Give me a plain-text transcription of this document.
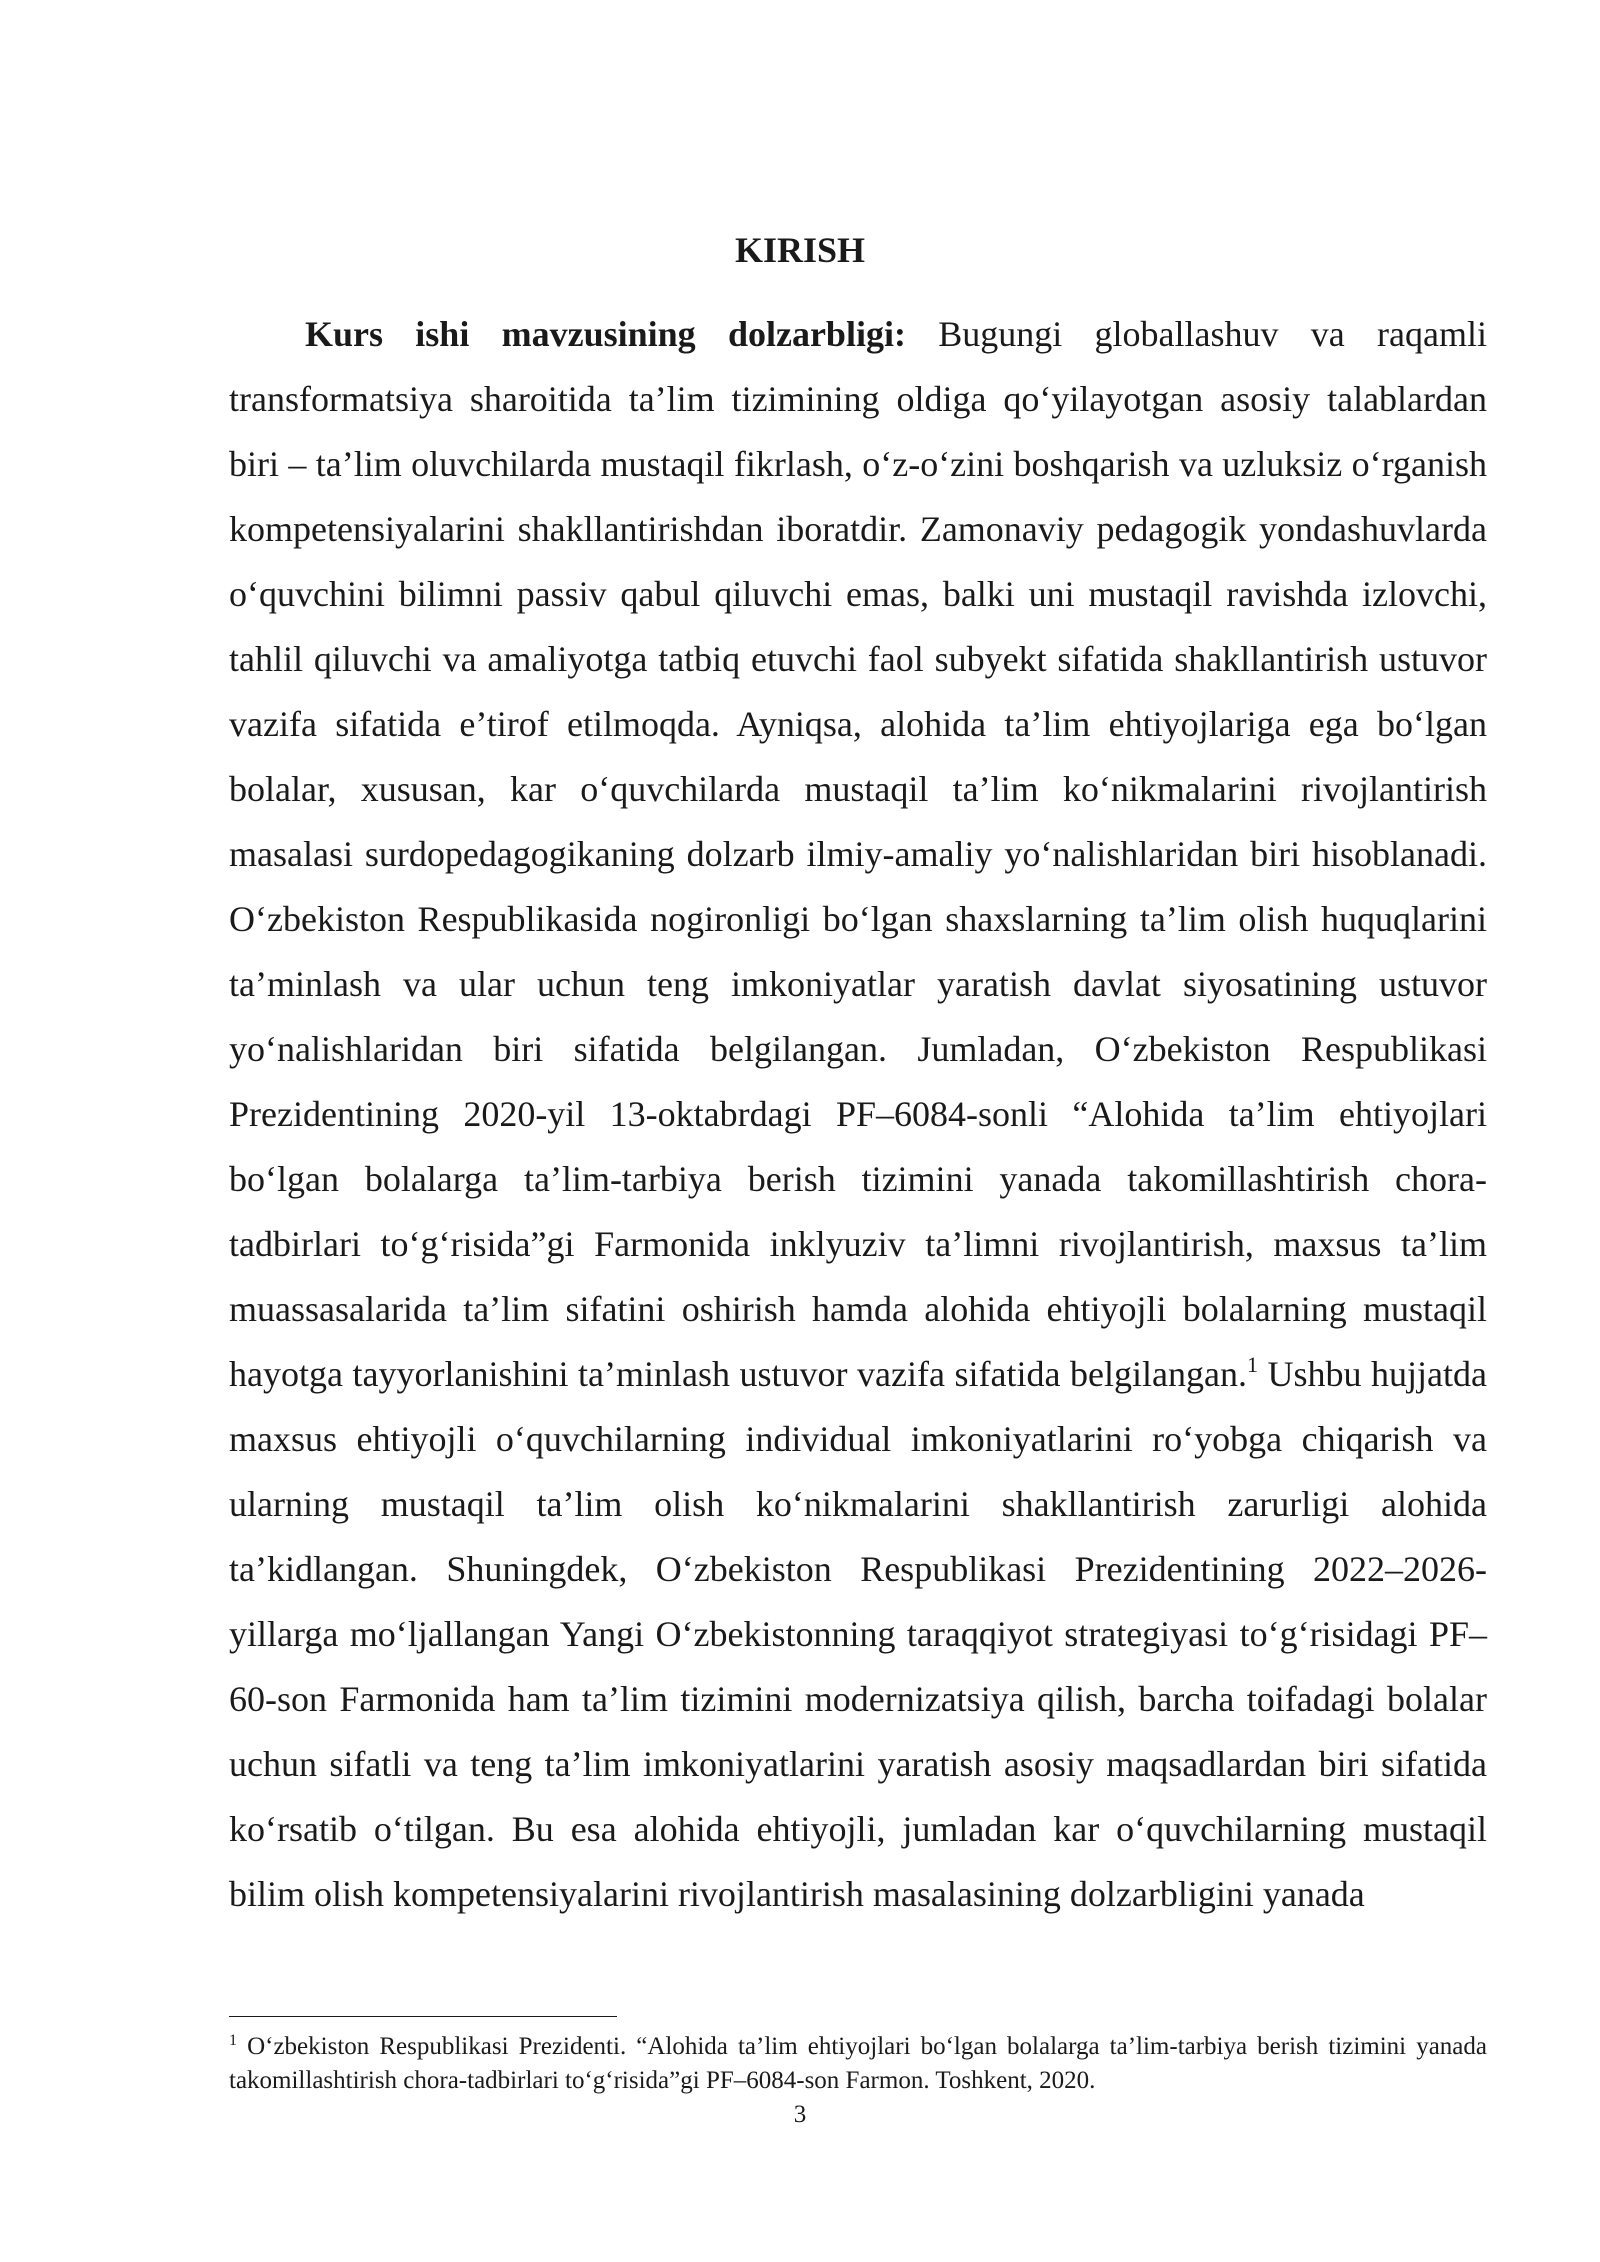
KIRISH

Kurs ishi mavzusining dolzarbligi: Bugungi globallashuv va raqamli transformatsiya sharoitida ta’lim tizimining oldiga qo‘yilayotgan asosiy talablardan biri – ta’lim oluvchilarda mustaqil fikrlash, o‘z-o‘zini boshqarish va uzluksiz o‘rganish kompetensiyalarini shakllantirishdan iboratdir. Zamonaviy pedagogik yondashuvlarda o‘quvchini bilimni passiv qabul qiluvchi emas, balki uni mustaqil ravishda izlovchi, tahlil qiluvchi va amaliyotga tatbiq etuvchi faol subyekt sifatida shakllantirish ustuvor vazifa sifatida e’tirof etilmoqda. Ayniqsa, alohida ta’lim ehtiyojlariga ega bo‘lgan bolalar, xususan, kar o‘quvchilarda mustaqil ta’lim ko‘nikmalarini rivojlantirish masalasi surdopedagogikaning dolzarb ilmiy-amaliy yo‘nalishlaridan biri hisoblanadi. O‘zbekiston Respublikasida nogironligi bo‘lgan shaxslarning ta’lim olish huquqlarini ta’minlash va ular uchun teng imkoniyatlar yaratish davlat siyosatining ustuvor yo‘nalishlaridan biri sifatida belgilangan. Jumladan, O‘zbekiston Respublikasi Prezidentining 2020-yil 13-oktabrdagi PF–6084-sonli “Alohida ta’lim ehtiyojlari bo‘lgan bolalarga ta’lim-tarbiya berish tizimini yanada takomillashtirish chora-tadbirlari to‘g‘risida”gi Farmonida inklyuziv ta’limni rivojlantirish, maxsus ta’lim muassasalarida ta’lim sifatini oshirish hamda alohida ehtiyojli bolalarning mustaqil hayotga tayyorlanishini ta’minlash ustuvor vazifa sifatida belgilangan.$^1$ Ushbu hujjatda maxsus ehtiyojli o‘quvchilarning individual imkoniyatlarini ro‘yobga chiqarish va ularning mustaqil ta’lim olish ko‘nikmalarini shakllantirish zarurligi alohida ta’kidlangan. Shuningdek, O‘zbekiston Respublikasi Prezidentining 2022–2026-yillarga mo‘ljallangan Yangi O‘zbekistonning taraqqiyot strategiyasi to‘g‘risidagi PF–60-son Farmonida ham ta’lim tizimini modernizatsiya qilish, barcha toifadagi bolalar uchun sifatli va teng ta’lim imkoniyatlarini yaratish asosiy maqsadlardan biri sifatida ko‘rsatib o‘tilgan. Bu esa alohida ehtiyojli, jumladan kar o‘quvchilarning mustaqil bilim olish kompetensiyalarini rivojlantirish masalasining dolzarbligini yanada

$^1$ O‘zbekiston Respublikasi Prezidenti. “Alohida ta’lim ehtiyojlari bo‘lgan bolalarga ta’lim-tarbiya berish tizimini yanada takomillashtirish chora-tadbirlari to‘g‘risida”gi PF–6084-son Farmon. Toshkent, 2020.

3
